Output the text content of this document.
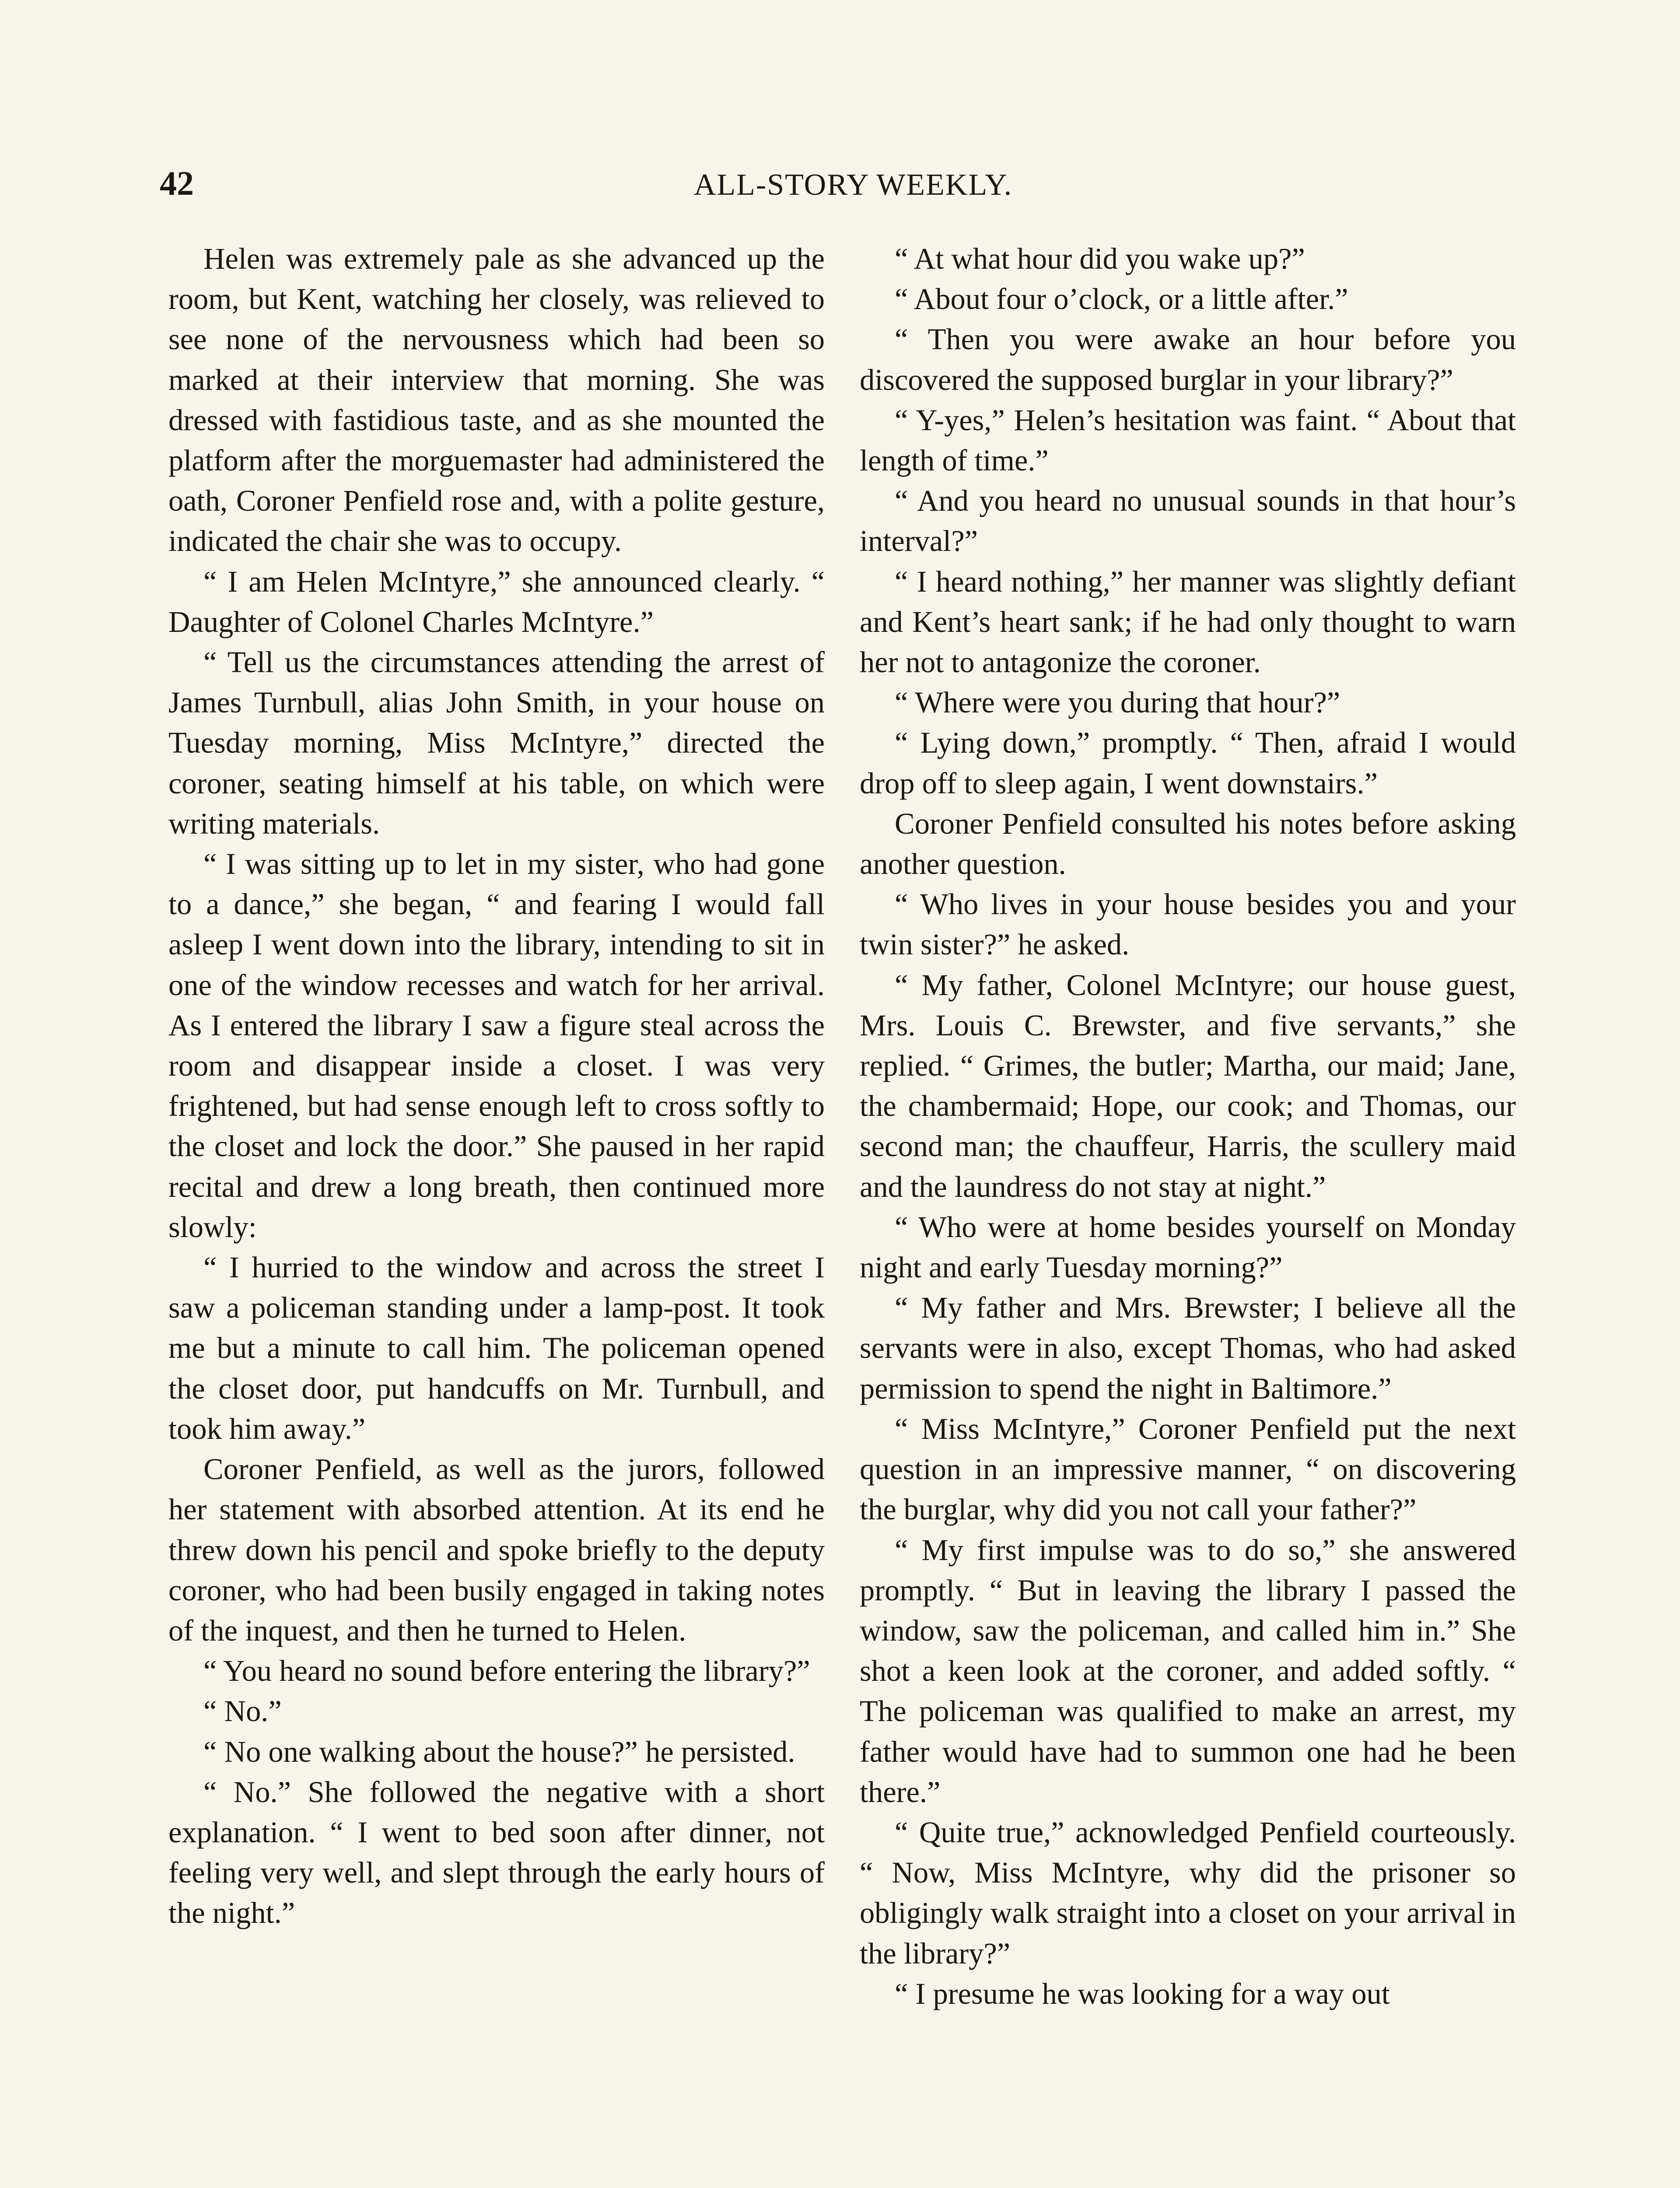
42	ALL-STORY WEEKLY.

Helen was extremely pale as she advanced up the room, but Kent, watching her closely, was relieved to see none of the nervousness which had been so marked at their interview that morning. She was dressed with fastidious taste, and as she mounted the platform after the morguemaster had administered the oath, Coroner Penfield rose and, with a polite gesture, indicated the chair she was to occupy.

“ I am Helen McIntyre,” she announced clearly. “ Daughter of Colonel Charles McIntyre.”

“ Tell us the circumstances attending the arrest of James Turnbull, alias John Smith, in your house on Tuesday morning, Miss McIntyre,” directed the coroner, seating himself at his table, on which were writing materials.

“ I was sitting up to let in my sister, who had gone to a dance,” she began, “ and fearing I would fall asleep I went down into the library, intending to sit in one of the window recesses and watch for her arrival. As I entered the library I saw a figure steal across the room and disappear inside a closet. I was very frightened, but had sense enough left to cross softly to the closet and lock the door.” She paused in her rapid recital and drew a long breath, then continued more slowly:

“ I hurried to the window and across the street I saw a policeman standing under a lamp-post. It took me but a minute to call him. The policeman opened the closet door, put handcuffs on Mr. Turnbull, and took him away.”

Coroner Penfield, as well as the jurors, followed her statement with absorbed attention. At its end he threw down his pencil and spoke briefly to the deputy coroner, who had been busily engaged in taking notes of the inquest, and then he turned to Helen.

“ You heard no sound before entering the library?”

“ No.”

“ No one walking about the house?” he persisted.

“ No.” She followed the negative with a short explanation. “ I went to bed soon after dinner, not feeling very well, and slept through the early hours of the night.”

“ At what hour did you wake up?”

“ About four o’clock, or a little after.”

“ Then you were awake an hour before you discovered the supposed burglar in your library?”

“ Y-yes,” Helen’s hesitation was faint. “ About that length of time.”

“ And you heard no unusual sounds in that hour’s interval?”

“ I heard nothing,” her manner was slightly defiant and Kent’s heart sank; if he had only thought to warn her not to antagonize the coroner.

“ Where were you during that hour?”

“ Lying down,” promptly. “ Then, afraid I would drop off to sleep again, I went downstairs.”

Coroner Penfield consulted his notes before asking another question.

“ Who lives in your house besides you and your twin sister?” he asked.

“ My father, Colonel McIntyre; our house guest, Mrs. Louis C. Brewster, and five servants,” she replied. “ Grimes, the butler; Martha, our maid; Jane, the chambermaid; Hope, our cook; and Thomas, our second man; the chauffeur, Harris, the scullery maid and the laundress do not stay at night.”

“ Who were at home besides yourself on Monday night and early Tuesday morning?”

“ My father and Mrs. Brewster; I believe all the servants were in also, except Thomas, who had asked permission to spend the night in Baltimore.”

“ Miss McIntyre,” Coroner Penfield put the next question in an impressive manner, “ on discovering the burglar, why did you not call your father?”

“ My first impulse was to do so,” she answered promptly. “ But in leaving the library I passed the window, saw the policeman, and called him in.” She shot a keen look at the coroner, and added softly. “ The policeman was qualified to make an arrest, my father would have had to summon one had he been there.”

“ Quite true,” acknowledged Penfield courteously. “ Now, Miss McIntyre, why did the prisoner so obligingly walk straight into a closet on your arrival in the library?”

“ I presume he was looking for a way out
